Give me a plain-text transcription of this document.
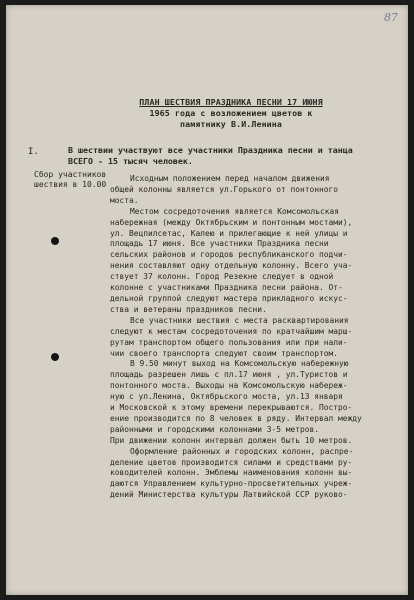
87
ПЛАН ШЕСТВИЯ ПРАЗДНИКА ПЕСНИ 17 ИЮНЯ
1965 года с возложением цветов к
памятнику В.И.Ленина
I.	В шествии участвуют все участники Праздника песни и танца
ВСЕГО - 15 тысяч человек.
Сбор участников
шествия в 10.00
Исходным положением перед началом движения
общей колонны является ул.Горького от понтонного
моста.
Местом сосредоточения является Комсомольская
набережная (между Октябрьским и понтонным мостами),
ул. Вецпилсетас, Калею и прилегающие к ней улицы и
площадь 17 июня. Все участники Праздника песни
сельских районов и городов республиканского подчи-
нения составляют одну отдельную колонну. Всего уча-
ствует 37 колонн. Город Резекне следует в одной
колонне с участниками Праздника песни района. От-
дельной группой следуют мастера прикладного искус-
ства и ветераны праздников песни.
Все участники шествия с места расквартирования
следуют к местам сосредоточения по кратчайшим марш-
рутам транспортом общего пользования или при нали-
чии своего транспорта следуют своим транспортом.
В 9.50 минут выход на Комсомольскую набережную
площадь разрешен лишь с пл.17 июня , ул.Туристов и
понтонного моста. Выходы на Комсомольскую набереж-
ную с ул.Ленина, Октябрьского моста, ул.13 января
и Московской к этому времени перекрываются. Постро-
ение производится по 8 человек в ряду. Интервал между
районными и городскими колоннами 3-5 метров.
При движении колонн интервал должен быть 10 метров.
Оформление районных и городских колонн, распре-
деление цветов производится силами и средствами ру-
ководителей колонн. Эмблемы наименования колонн вы-
даются Управлением культурно-просветительных учреж-
дений Министерства культуры Латвийской ССР руково-
